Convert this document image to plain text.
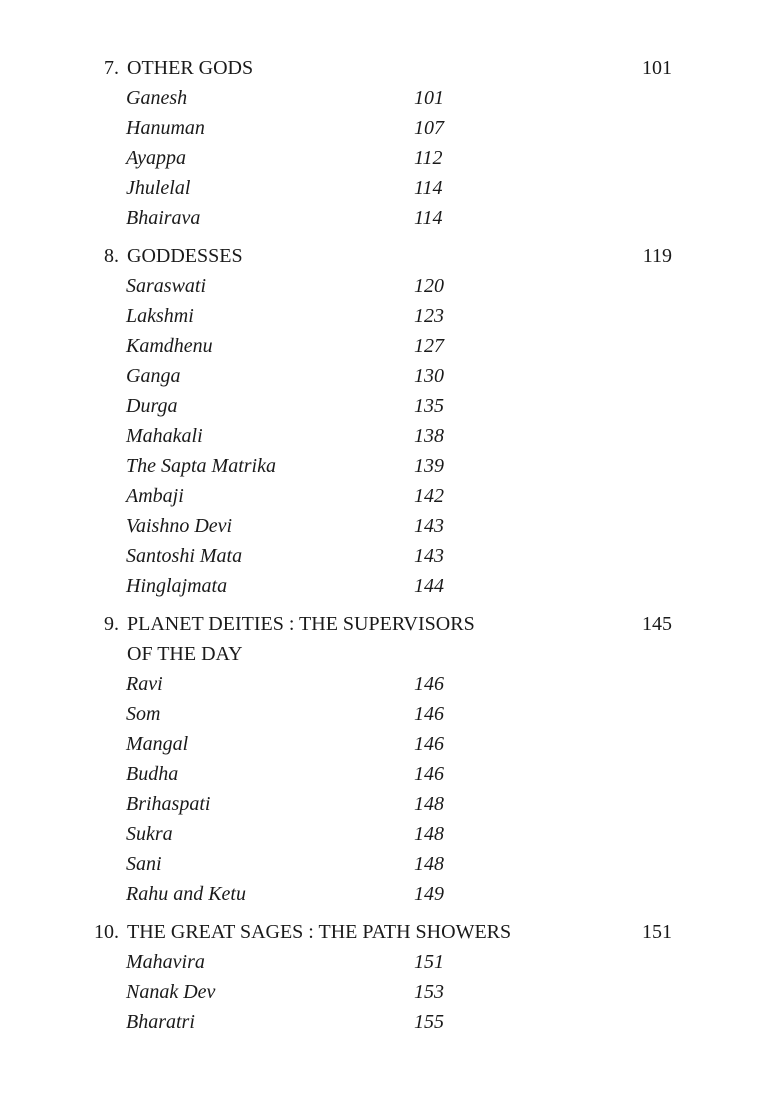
7. OTHER GODS	101
Ganesh	101
Hanuman	107
Ayappa	112
Jhulelal	114
Bhairava	114
8. GODDESSES	119
Saraswati	120
Lakshmi	123
Kamdhenu	127
Ganga	130
Durga	135
Mahakali	138
The Sapta Matrika	139
Ambaji	142
Vaishno Devi	143
Santoshi Mata	143
Hinglajmata	144
9. PLANET DEITIES : THE SUPERVISORS	145
OF THE DAY
Ravi	146
Som	146
Mangal	146
Budha	146
Brihaspati	148
Sukra	148
Sani	148
Rahu and Ketu	149
10. THE GREAT SAGES : THE PATH SHOWERS	151
Mahavira	151
Nanak Dev	153
Bharatri	155
